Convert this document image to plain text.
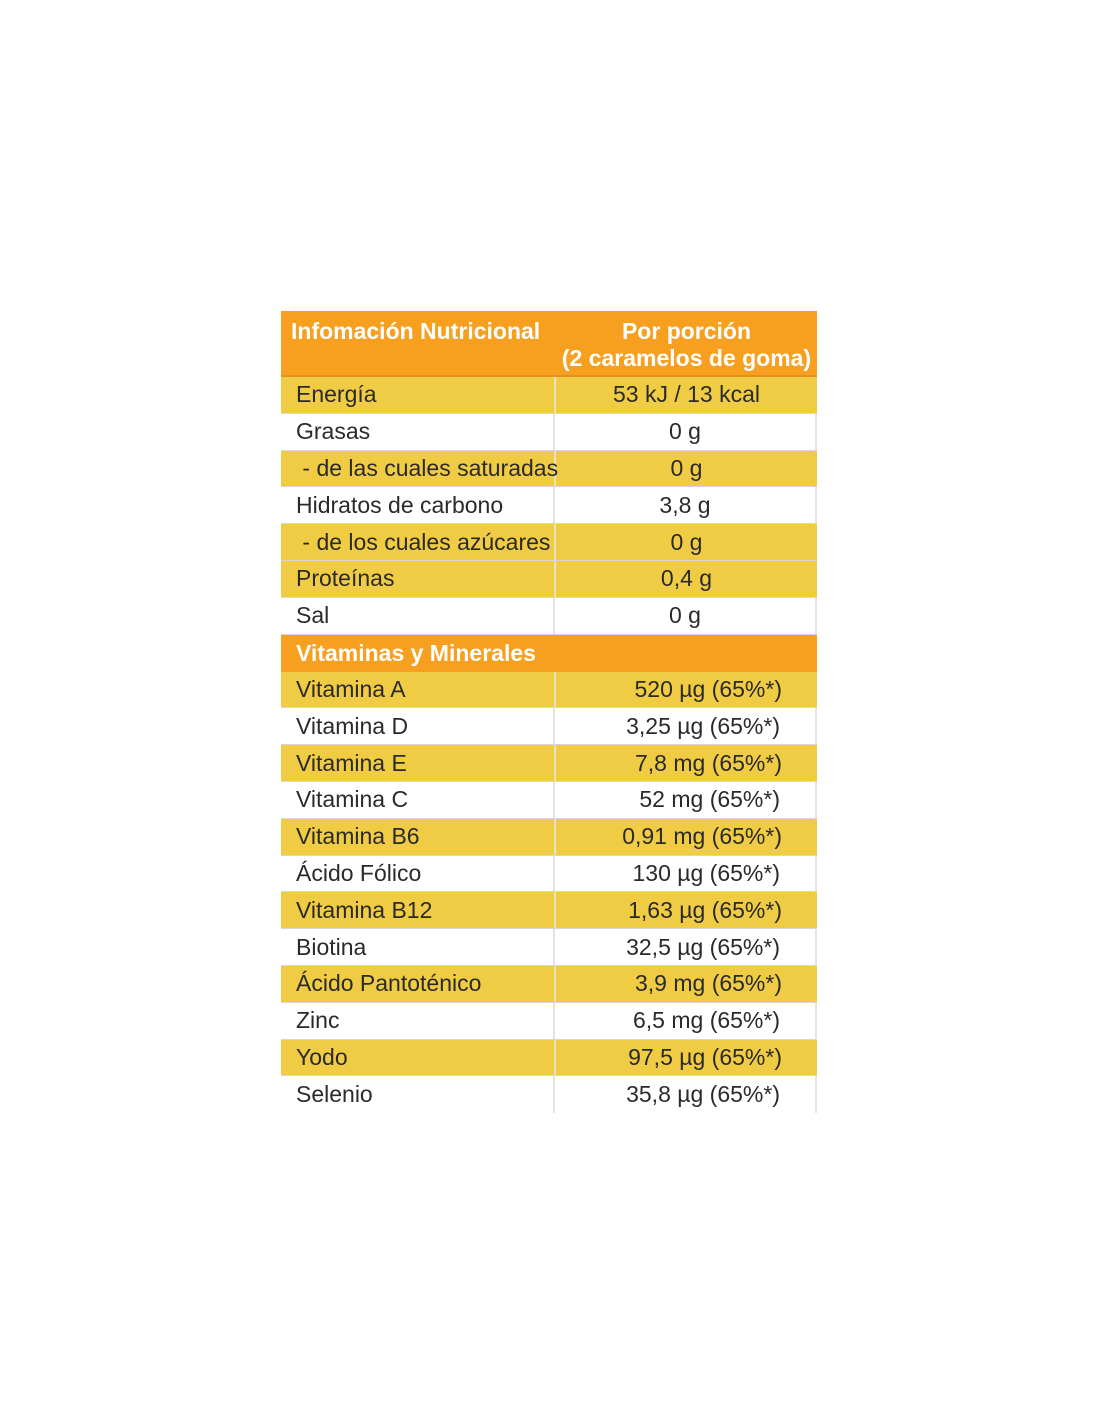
Infomación Nutricional	Por porción
(2 caramelos de goma)
Energía	53 kJ / 13 kcal
Grasas	0 g
- de las cuales saturadas	0 g
Hidratos de carbono	3,8 g
- de los cuales azúcares	0 g
Proteínas	0,4 g
Sal	0 g
Vitaminas y Minerales
Vitamina A	520 µg (65%*)
Vitamina D	3,25 µg (65%*)
Vitamina E	7,8 mg (65%*)
Vitamina C	52 mg (65%*)
Vitamina B6	0,91 mg (65%*)
Ácido Fólico	130 µg (65%*)
Vitamina B12	1,63 µg (65%*)
Biotina	32,5 µg (65%*)
Ácido Pantoténico	3,9 mg (65%*)
Zinc	6,5 mg (65%*)
Yodo	97,5 µg (65%*)
Selenio	35,8 µg (65%*)
